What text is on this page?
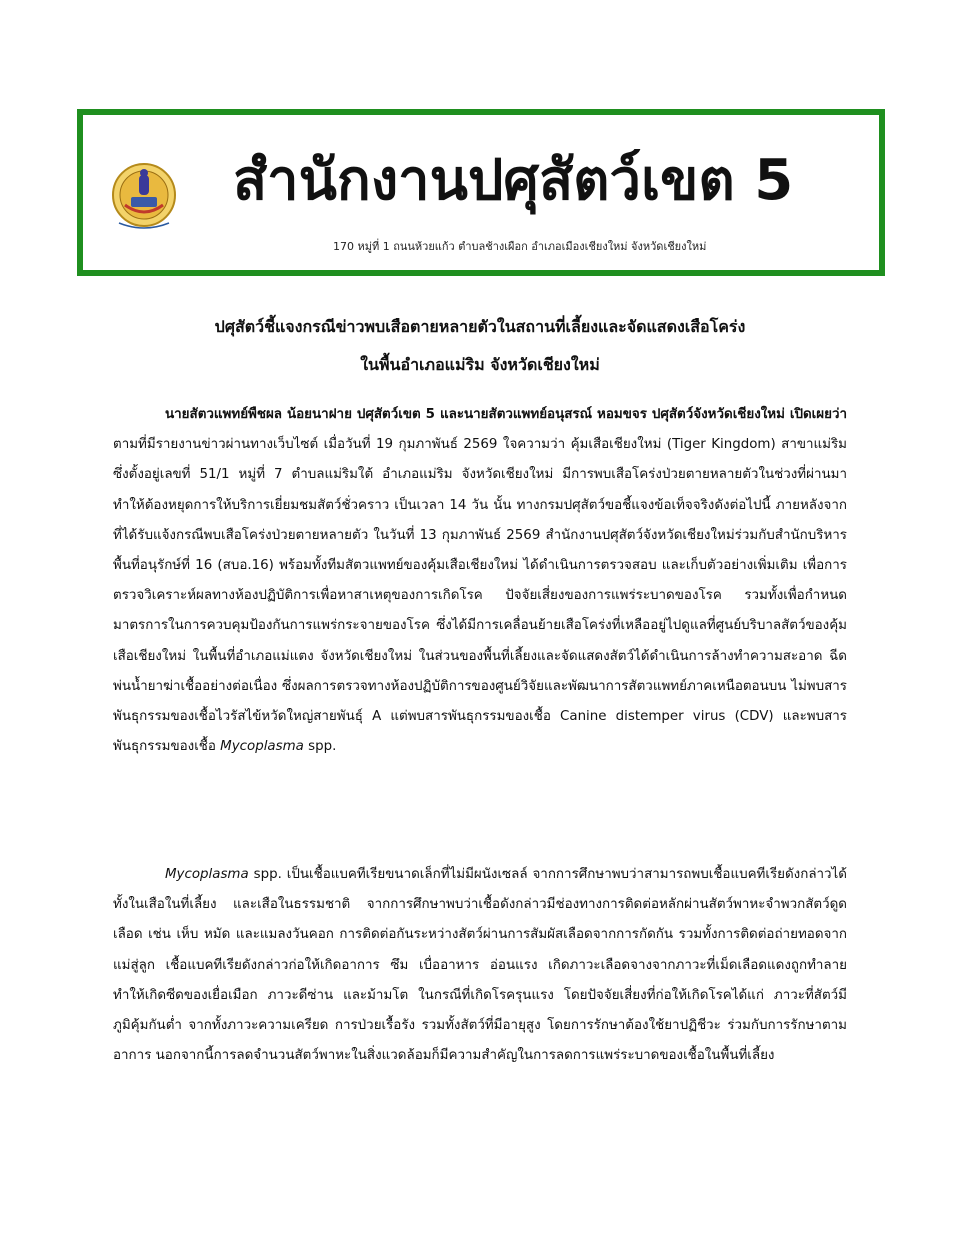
สำนักงานปศุสัตว์เขต 5
170 หมู่ที่ 1 ถนนห้วยแก้ว ตำบลช้างเผือก อำเภอเมืองเชียงใหม่ จังหวัดเชียงใหม่
ปศุสัตว์ชี้แจงกรณีข่าวพบเสือตายหลายตัวในสถานที่เลี้ยงและจัดแสดงเสือโคร่ง
ในพื้นอำเภอแม่ริม จังหวัดเชียงใหม่
นายสัตวแพทย์พืชผล น้อยนาฝาย ปศุสัตว์เขต 5 และนายสัตวแพทย์อนุสรณ์ หอมขจร ปศุสัตว์จังหวัดเชียงใหม่ เปิดเผยว่า ตามที่มีรายงานข่าวผ่านทางเว็บไซต์ เมื่อวันที่ 19 กุมภาพันธ์ 2569 ใจความว่า คุ้มเสือเชียงใหม่ (Tiger Kingdom) สาขาแม่ริม ซึ่งตั้งอยู่เลขที่ 51/1 หมู่ที่ 7 ตำบลแม่ริมใต้ อำเภอแม่ริม จังหวัดเชียงใหม่ มีการพบเสือโคร่งป่วยตายหลายตัวในช่วงที่ผ่านมา ทำให้ต้องหยุดการให้บริการเยี่ยมชมสัตว์ชั่วคราว เป็นเวลา 14 วัน นั้น ทางกรมปศุสัตว์ขอชี้แจงข้อเท็จจริงดังต่อไปนี้ ภายหลังจากที่ได้รับแจ้งกรณีพบเสือโคร่งป่วยตายหลายตัว ในวันที่ 13 กุมภาพันธ์ 2569 สำนักงานปศุสัตว์จังหวัดเชียงใหม่ร่วมกับสำนักบริหารพื้นที่อนุรักษ์ที่ 16 (สบอ.16) พร้อมทั้งทีมสัตวแพทย์ของคุ้มเสือเชียงใหม่ ได้ดำเนินการตรวจสอบ และเก็บตัวอย่างเพิ่มเติม เพื่อการตรวจวิเคราะห์ผลทางห้องปฏิบัติการเพื่อหาสาเหตุของการเกิดโรค ปัจจัยเสี่ยงของการแพร่ระบาดของโรค รวมทั้งเพื่อกำหนดมาตรการในการควบคุมป้องกันการแพร่กระจายของโรค ซึ่งได้มีการเคลื่อนย้ายเสือโคร่งที่เหลืออยู่ไปดูแลที่ศูนย์บริบาลสัตว์ของคุ้มเสือเชียงใหม่ ในพื้นที่อำเภอแม่แตง จังหวัดเชียงใหม่ ในส่วนของพื้นที่เลี้ยงและจัดแสดงสัตว์ได้ดำเนินการล้างทำความสะอาด ฉีดพ่นน้ำยาฆ่าเชื้ออย่างต่อเนื่อง ซึ่งผลการตรวจทางห้องปฏิบัติการของศูนย์วิจัยและพัฒนาการสัตวแพทย์ภาคเหนือตอนบน ไม่พบสารพันธุกรรมของเชื้อไวรัสไข้หวัดใหญ่สายพันธุ์ A แต่พบสารพันธุกรรมของเชื้อ Canine distemper virus (CDV) และพบสารพันธุกรรมของเชื้อ Mycoplasma spp.
Mycoplasma spp. เป็นเชื้อแบคทีเรียขนาดเล็กที่ไม่มีผนังเซลล์ จากการศึกษาพบว่าสามารถพบเชื้อแบคทีเรียดังกล่าวได้ทั้งในเสือในที่เลี้ยง และเสือในธรรมชาติ จากการศึกษาพบว่าเชื้อดังกล่าวมีช่องทางการติดต่อหลักผ่านสัตว์พาหะจำพวกสัตว์ดูดเลือด เช่น เห็บ หมัด และแมลงวันคอก การติดต่อกันระหว่างสัตว์ผ่านการสัมผัสเลือดจากการกัดกัน รวมทั้งการติดต่อถ่ายทอดจากแม่สู่ลูก เชื้อแบคทีเรียดังกล่าวก่อให้เกิดอาการ ซึม เบื่ออาหาร อ่อนแรง เกิดภาวะเลือดจางจากภาวะที่เม็ดเลือดแดงถูกทำลาย ทำให้เกิดซีดของเยื่อเมือก ภาวะดีซ่าน และม้ามโต ในกรณีที่เกิดโรครุนแรง โดยปัจจัยเสี่ยงที่ก่อให้เกิดโรคได้แก่ ภาวะที่สัตว์มีภูมิคุ้มกันต่ำ จากทั้งภาวะความเครียด การป่วยเรื้อรัง รวมทั้งสัตว์ที่มีอายุสูง โดยการรักษาต้องใช้ยาปฏิชีวะ ร่วมกับการรักษาตามอาการ นอกจากนี้การลดจำนวนสัตว์พาหะในสิ่งแวดล้อมก็มีความสำคัญในการลดการแพร่ระบาดของเชื้อในพื้นที่เลี้ยง
